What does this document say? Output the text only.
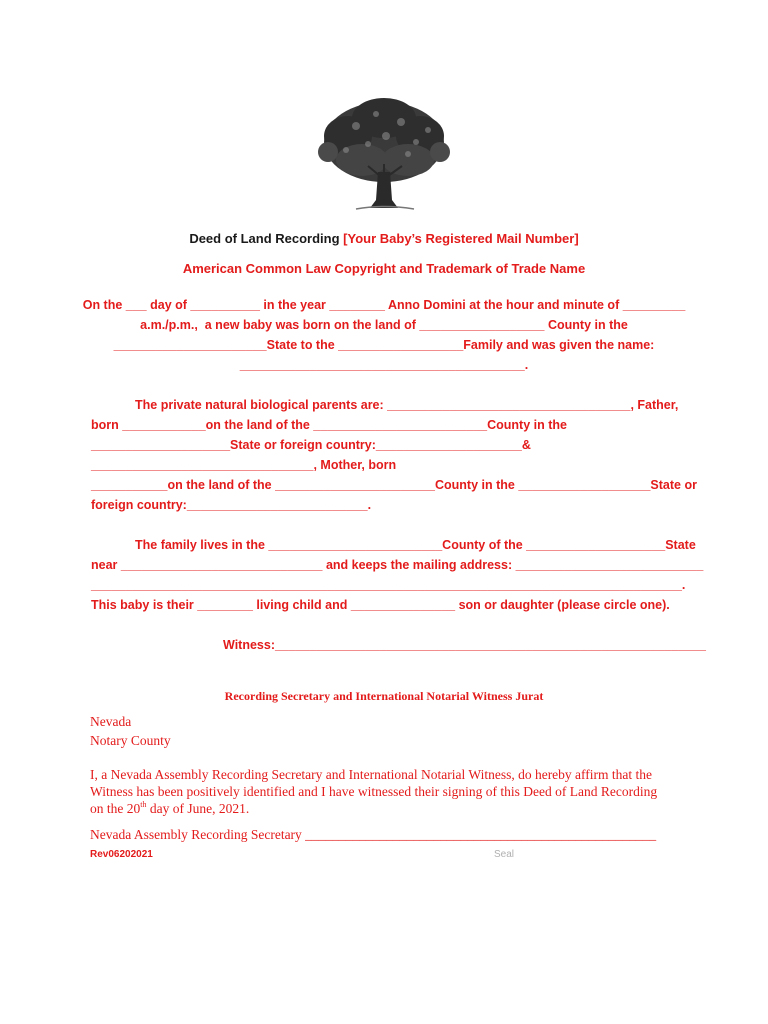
Deed of Land Recording [Your Baby’s Registered Mail Number]
American Common Law Copyright and Trademark of Trade Name
On the ___ day of __________ in the year ________ Anno Domini at the hour and minute of _________
a.m./p.m.,  a new baby was born on the land of __________________ County in the
______________________State to the __________________Family and was given the name:
_________________________________________.
The private natural biological parents are: ___________________________________, Father,
born ____________on the land of the _________________________County in the
____________________State or foreign country:_____________________&
________________________________, Mother, born
___________on the land of the _______________________County in the ___________________State or
foreign country:__________________________.
The family lives in the _________________________County of the ____________________State
near _____________________________ and keeps the mailing address: ___________________________
_____________________________________________________________________________________.
This baby is their ________ living child and _______________ son or daughter (please circle one).
Witness:______________________________________________________________
Recording Secretary and International Notarial Witness Jurat
Nevada
Notary County
I, a Nevada Assembly Recording Secretary and International Notarial Witness, do hereby affirm that the
Witness has been positively identified and I have witnessed their signing of this Deed of Land Recording
on the 20th day of June, 2021.
Nevada Assembly Recording Secretary ____________________________________________________
Rev06202021	Seal
